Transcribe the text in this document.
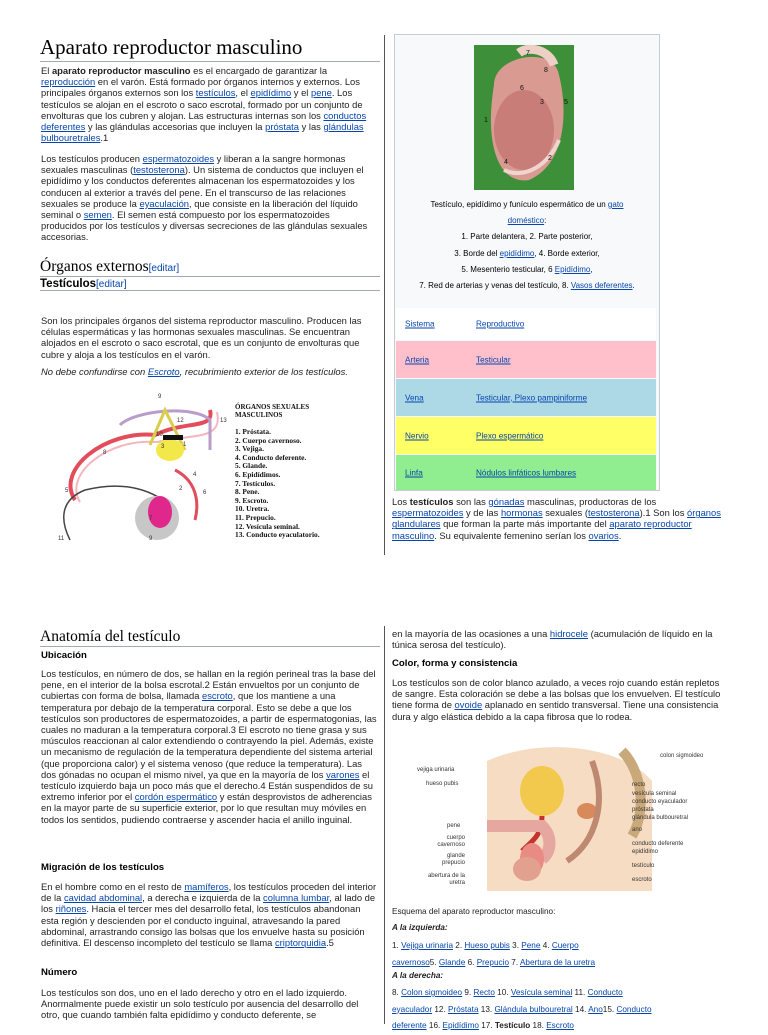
Aparato reproductor masculino

El aparato reproductor masculino es el encargado de garantizar la reproducción en el varón. Está formado por órganos internos y externos. Los principales órganos externos son los testículos, el epidídimo y el pene. Los testículos se alojan en el escroto o saco escrotal, formado por un conjunto de envolturas que los cubren y alojan. Las estructuras internas son los conductos deferentes y las glándulas accesorias que incluyen la próstata y las glándulas bulbouretrales.1

Los testículos producen espermatozoides y liberan a la sangre hormonas sexuales masculinas (testosterona). Un sistema de conductos que incluyen el epidídimo y los conductos deferentes almacenan los espermatozoides y los conducen al exterior a través del pene. En el transcurso de las relaciones sexuales se produce la eyaculación, que consiste en la liberación del líquido seminal o semen. El semen está compuesto por los espermatozoides producidos por los testículos y diversas secreciones de las glándulas sexuales accesorias.

Órganos externos[editar]
Testículos[editar]

Son los principales órganos del sistema reproductor masculino. Producen las células espermáticas y las hormonas sexuales masculinas. Se encuentran alojados en el escroto o saco escrotal, que es un conjunto de envolturas que cubre y aloja a los testículos en el varón.

No debe confundirse con Escroto, recubrimiento exterior de los testículos.

9
10
12	13
3	1
8
5
4
6
7
2
11	9
ÓRGANOS SEXUALES MASCULINOS
1. Próstata.
2. Cuerpo cavernoso.
3. Vejiga.
4. Conducto deferente.
5. Glande.
6. Epidídimos.
7. Testículos.
8. Pene.
9. Escroto.
10. Uretra.
11. Prepucio.
12. Vesícula seminal.
13. Conducto eyaculatorio.
7
8
6
3	5
1
4
2
Testículo, epidídimo y funículo espermático de un gato
doméstico:
1. Parte delantera, 2. Parte posterior,
3. Borde del epidídimo, 4. Borde exterior,
5. Mesenterio testicular, 6 Epidídimo,
7. Red de arterias y venas del testículo, 8. Vasos deferentes.
Sistema	Reproductivo
Arteria	Testicular
Vena	Testicular, Plexo pampiniforme
Nervio	Plexo espermático
Linfa	Nódulos linfáticos lumbares

Los testículos son las gónadas masculinas, productoras de los espermatozoides y de las hormonas sexuales (testosterona).1 Son los órganos glandulares que forman la parte más importante del aparato reproductor masculino. Su equivalente femenino serían los ovarios.

Anatomía del testículo
Ubicación

Los testículos, en número de dos, se hallan en la región perineal tras la base del pene, en el interior de la bolsa escrotal.2 Están envueltos por un conjunto de cubiertas con forma de bolsa, llamada escroto, que los mantiene a una temperatura por debajo de la temperatura corporal. Esto se debe a que los testículos son productores de espermatozoides, a partir de espermatogonias, las cuales no maduran a la temperatura corporal.3 El escroto no tiene grasa y sus músculos reaccionan al calor extendiendo o contrayendo la piel. Además, existe un mecanismo de regulación de la temperatura dependiente del sistema arterial (que proporciona calor) y el sistema venoso (que reduce la temperatura). Las dos gónadas no ocupan el mismo nivel, ya que en la mayoría de los varones el testículo izquierdo baja un poco más que el derecho.4 Están suspendidos de su extremo inferior por el cordón espermático y están desprovistos de adherencias en la mayor parte de su superficie exterior, por lo que resultan muy móviles en todos los sentidos, pudiendo contraerse y ascender hacia el anillo inguinal.

Migración de los testículos

En el hombre como en el resto de mamíferos, los testículos proceden del interior de la cavidad abdominal, a derecha e izquierda de la columna lumbar, al lado de los riñones. Hacia el tercer mes del desarrollo fetal, los testículos abandonan esta región y descienden por el conducto inguinal, atravesando la pared abdominal, arrastrando consigo las bolsas que los envuelve hasta su posición definitiva. El descenso incompleto del testículo se llama criptorquidia.5

Número

Los testículos son dos, uno en el lado derecho y otro en el lado izquierdo. Anormalmente puede existir un solo testículo por ausencia del desarrollo del otro, que cuando también falta epidídimo y conducto deferente, se

en la mayoría de las ocasiones a una hidrocele (acumulación de líquido en la túnica serosa del testículo).

Color, forma y consistencia

Los testículos son de color blanco azulado, a veces rojo cuando están repletos de sangre. Esta coloración se debe a las bolsas que los envuelven. El testículo tiene forma de ovoide aplanado en sentido transversal. Tiene una consistencia dura y algo elástica debido a la capa fibrosa que lo rodea.

vejiga urinaria
hueso pubis
pene
cuerpo cavernoso
glande prepucio
abertura de la uretra
colon sigmoideo
recto
vesícula seminal
conducto eyaculador
próstata
glándula bulbouretral
ano
conducto deferente
epidídimo
testículo
escroto

Esquema del aparato reproductor masculino:

A la izquierda:

1. Vejiga urinaria 2. Hueso pubis 3. Pene 4. Cuerpo
cavernoso5. Glande 6. Prepucio 7. Abertura de la uretra

A la derecha:

8. Colon sigmoideo 9. Recto 10. Vesícula seminal 11. Conducto
eyaculador 12. Próstata 13. Glándula bulbouretral 14. Ano15. Conducto
deferente 16. Epidídimo 17. Testículo 18. Escroto
